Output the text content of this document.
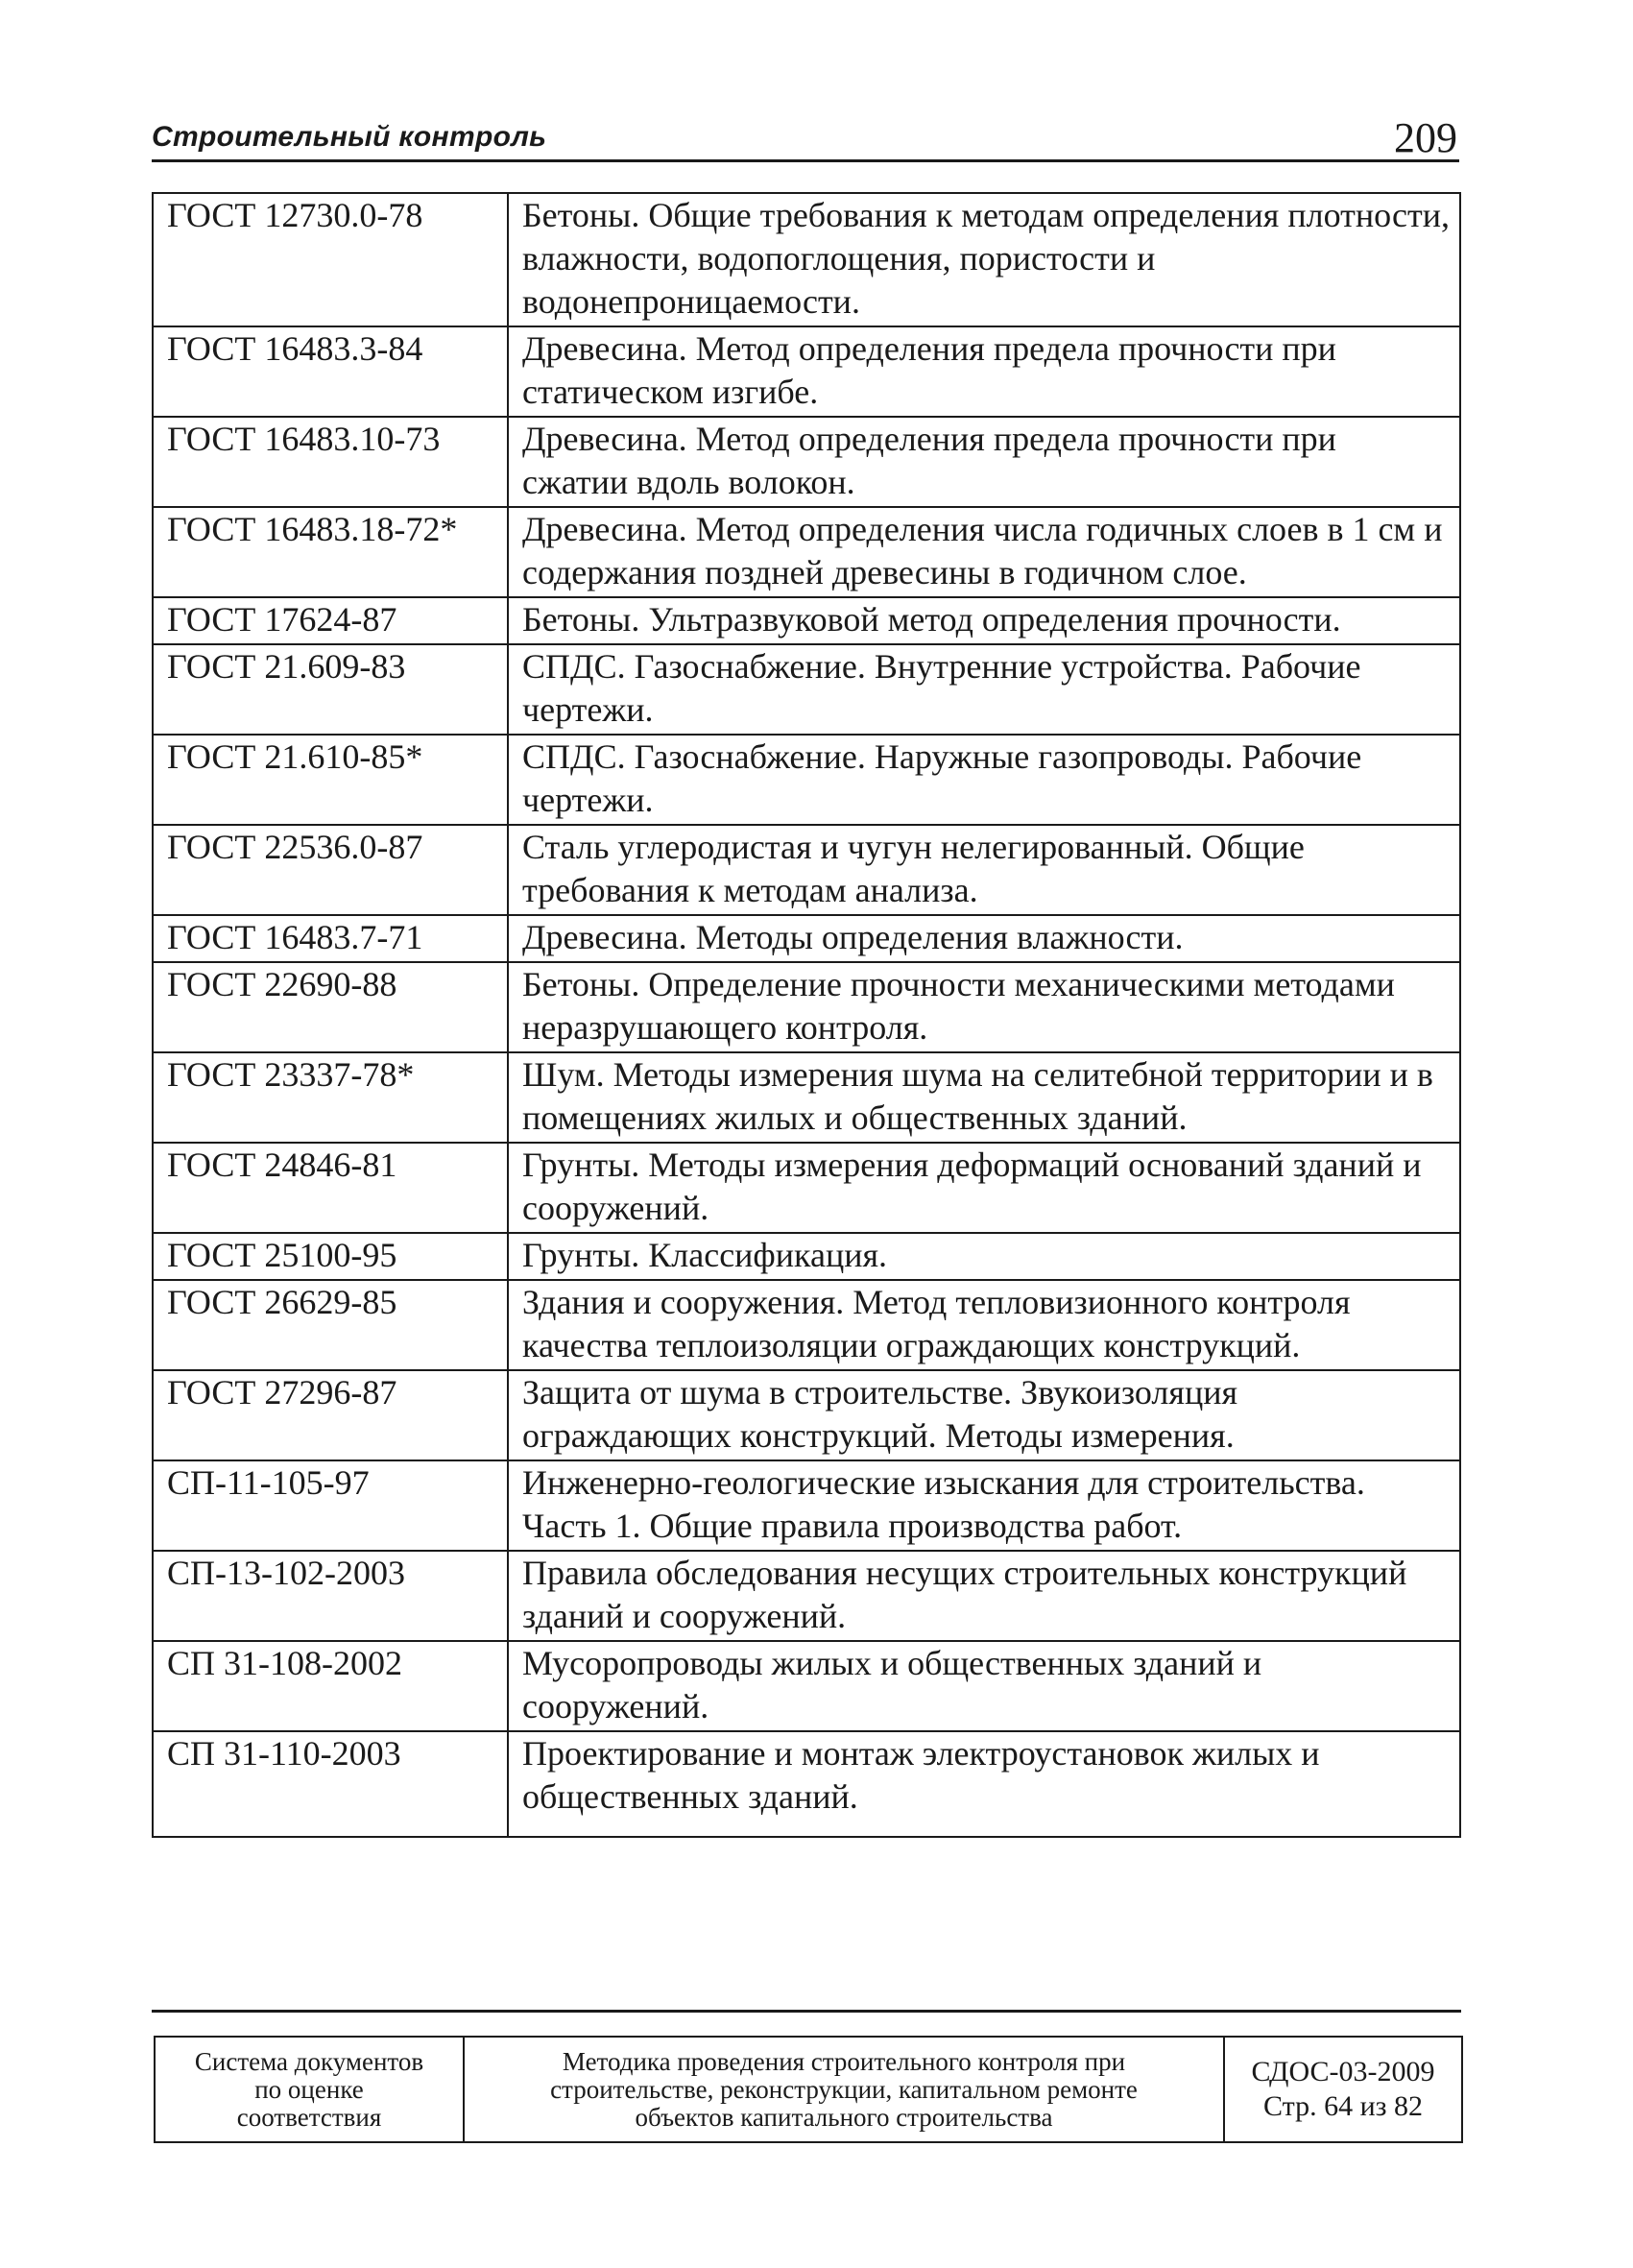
Строительный контроль	209
ГОСТ 12730.0-78	Бетоны. Общие требования к методам определения плотности, влажности, водопоглощения, пористости и водонепроницаемости.
ГОСТ 16483.3-84	Древесина. Метод определения предела прочности при статическом изгибе.
ГОСТ 16483.10-73	Древесина. Метод определения предела прочности при сжатии вдоль волокон.
ГОСТ 16483.18-72*	Древесина. Метод определения числа годичных слоев в 1 см и содержания поздней древесины в годичном слое.
ГОСТ 17624-87	Бетоны. Ультразвуковой метод определения прочности.
ГОСТ 21.609-83	СПДС. Газоснабжение. Внутренние устройства. Рабочие чертежи.
ГОСТ 21.610-85*	СПДС. Газоснабжение. Наружные газопроводы. Рабочие чертежи.
ГОСТ 22536.0-87	Сталь углеродистая и чугун нелегированный. Общие требования к методам анализа.
ГОСТ 16483.7-71	Древесина. Методы определения влажности.
ГОСТ 22690-88	Бетоны. Определение прочности механическими методами неразрушающего контроля.
ГОСТ 23337-78*	Шум. Методы измерения шума на селитебной территории и в помещениях жилых и общественных зданий.
ГОСТ 24846-81	Грунты. Методы измерения деформаций оснований зданий и сооружений.
ГОСТ 25100-95	Грунты. Классификация.
ГОСТ 26629-85	Здания и сооружения. Метод тепловизионного контроля качества теплоизоляции ограждающих конструкций.
ГОСТ 27296-87	Защита от шума в строительстве. Звукоизоляция ограждающих конструкций. Методы измерения.
СП-11-105-97	Инженерно-геологические изыскания для строительства. Часть 1. Общие правила производства работ.
СП-13-102-2003	Правила обследования несущих строительных конструкций зданий и сооружений.
СП 31-108-2002	Мусоропроводы жилых и общественных зданий и сооружений.
СП 31-110-2003	Проектирование и монтаж электроустановок жилых и общественных зданий.
Система документов
по оценке
соответствия

Методика проведения строительного контроля при
строительстве, реконструкции, капитальном ремонте
объектов капитального строительства

СДОС-03-2009
Стр. 64 из 82
